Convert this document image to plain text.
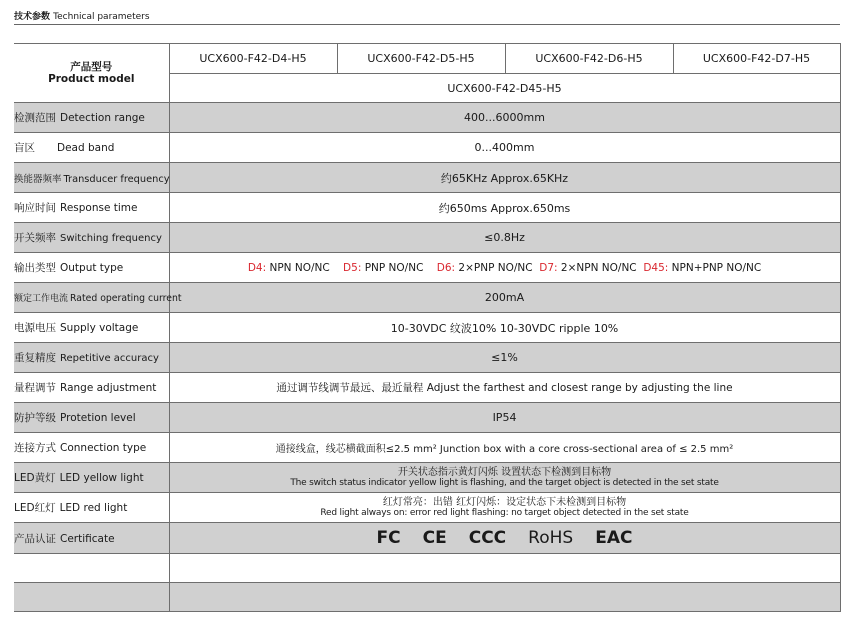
技术参数 Technical parameters
产品型号
Product model	UCX600-F42-D4-H5	UCX600-F42-D5-H5	UCX600-F42-D6-H5	UCX600-F42-D7-H5
	UCX600-F42-D45-H5			
检测范围 Detection range	400...6000mm			
盲区 Dead band	0...400mm			
换能器频率 Transducer frequency	约65KHz Approx.65KHz			
响应时间 Response time	约650ms Approx.650ms			
开关频率 Switching frequency	≤0.8Hz			
输出类型 Output type	D4: NPN NO/NC D5: PNP NO/NC D6: 2×PNP NO/NC D7: 2×NPN NO/NC D45: NPN+PNP NO/NC			
额定工作电流 Rated operating current	200mA			
电源电压 Supply voltage	10-30VDC 纹波10% 10-30VDC ripple 10%			
重复精度 Repetitive accuracy	≤1%			
量程调节 Range adjustment	通过调节线调节最远、最近量程 Adjust the farthest and closest range by adjusting the line			
防护等级 Protetion level	IP54			
连接方式 Connection type	通接线盒，线芯横截面积≤2.5 mm² Junction box with a core cross-sectional area of ≤ 2.5 mm²			
LED黄灯 LED yellow light	开关状态指示黄灯闪烁 设置状态下检测到目标物
The switch status indicator yellow light is flashing, and the target object is detected in the set state			

LED红灯 LED red light	红灯常亮：出错 红灯闪烁：设定状态下未检测到目标物
Red light always on: error red light flashing: no target object detected in the set state			

产品认证 Certificate	FC CE CCC RoHS EAC			
